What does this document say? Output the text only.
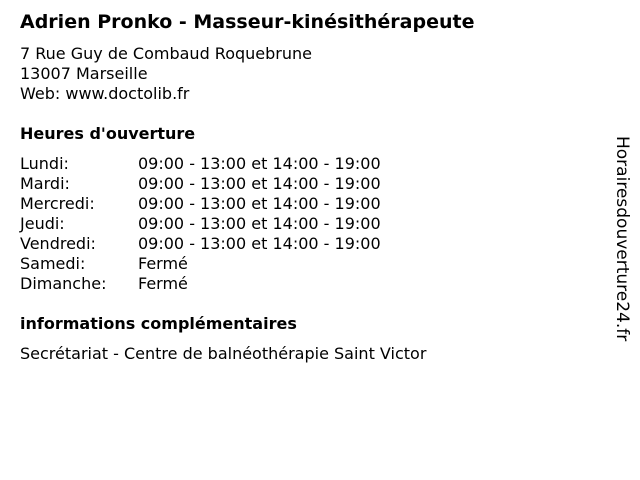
Adrien Pronko - Masseur-kinésithérapeute
7 Rue Guy de Combaud Roquebrune
13007 Marseille
Web: www.doctolib.fr
Heures d'ouverture
Lundi:	09:00 - 13:00 et 14:00 - 19:00
Mardi:	09:00 - 13:00 et 14:00 - 19:00
Mercredi:	09:00 - 13:00 et 14:00 - 19:00
Jeudi:	09:00 - 13:00 et 14:00 - 19:00
Vendredi:	09:00 - 13:00 et 14:00 - 19:00
Samedi:	Fermé
Dimanche: Fermé
informations complémentaires
Secrétariat - Centre de balnéothérapie Saint Victor
Horairesdouverture24.fr
